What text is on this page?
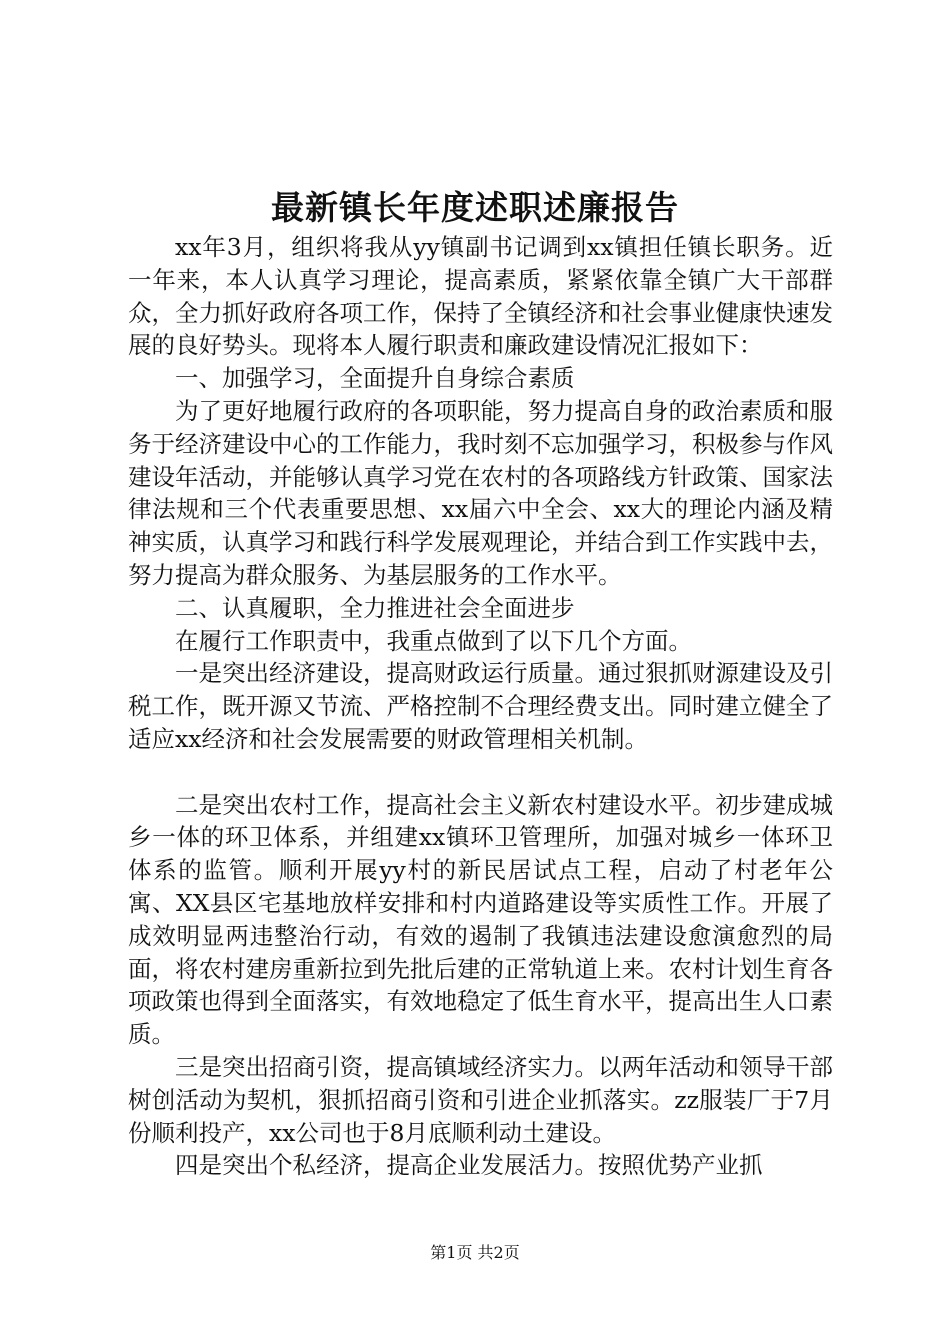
最新镇长年度述职述廉报告

xx年3月，组织将我从yy镇副书记调到xx镇担任镇长职务。近一年来，本人认真学习理论，提高素质，紧紧依靠全镇广大干部群众，全力抓好政府各项工作，保持了全镇经济和社会事业健康快速发展的良好势头。现将本人履行职责和廉政建设情况汇报如下：

一、加强学习，全面提升自身综合素质

为了更好地履行政府的各项职能，努力提高自身的政治素质和服务于经济建设中心的工作能力，我时刻不忘加强学习，积极参与作风建设年活动，并能够认真学习党在农村的各项路线方针政策、国家法律法规和三个代表重要思想、xx届六中全会、xx大的理论内涵及精神实质，认真学习和践行科学发展观理论，并结合到工作实践中去，努力提高为群众服务、为基层服务的工作水平。

二、认真履职，全力推进社会全面进步

在履行工作职责中，我重点做到了以下几个方面。

一是突出经济建设，提高财政运行质量。通过狠抓财源建设及引税工作，既开源又节流、严格控制不合理经费支出。同时建立健全了适应xx经济和社会发展需要的财政管理相关机制。

二是突出农村工作，提高社会主义新农村建设水平。初步建成城乡一体的环卫体系，并组建xx镇环卫管理所，加强对城乡一体环卫体系的监管。顺利开展yy村的新民居试点工程，启动了村老年公寓、XX县区宅基地放样安排和村内道路建设等实质性工作。开展了成效明显两违整治行动，有效的遏制了我镇违法建设愈演愈烈的局面，将农村建房重新拉到先批后建的正常轨道上来。农村计划生育各项政策也得到全面落实，有效地稳定了低生育水平，提高出生人口素质。

三是突出招商引资，提高镇域经济实力。以两年活动和领导干部树创活动为契机，狠抓招商引资和引进企业抓落实。zz服装厂于7月份顺利投产，xx公司也于8月底顺利动土建设。

四是突出个私经济，提高企业发展活力。按照优势产业抓

第1页 共2页
